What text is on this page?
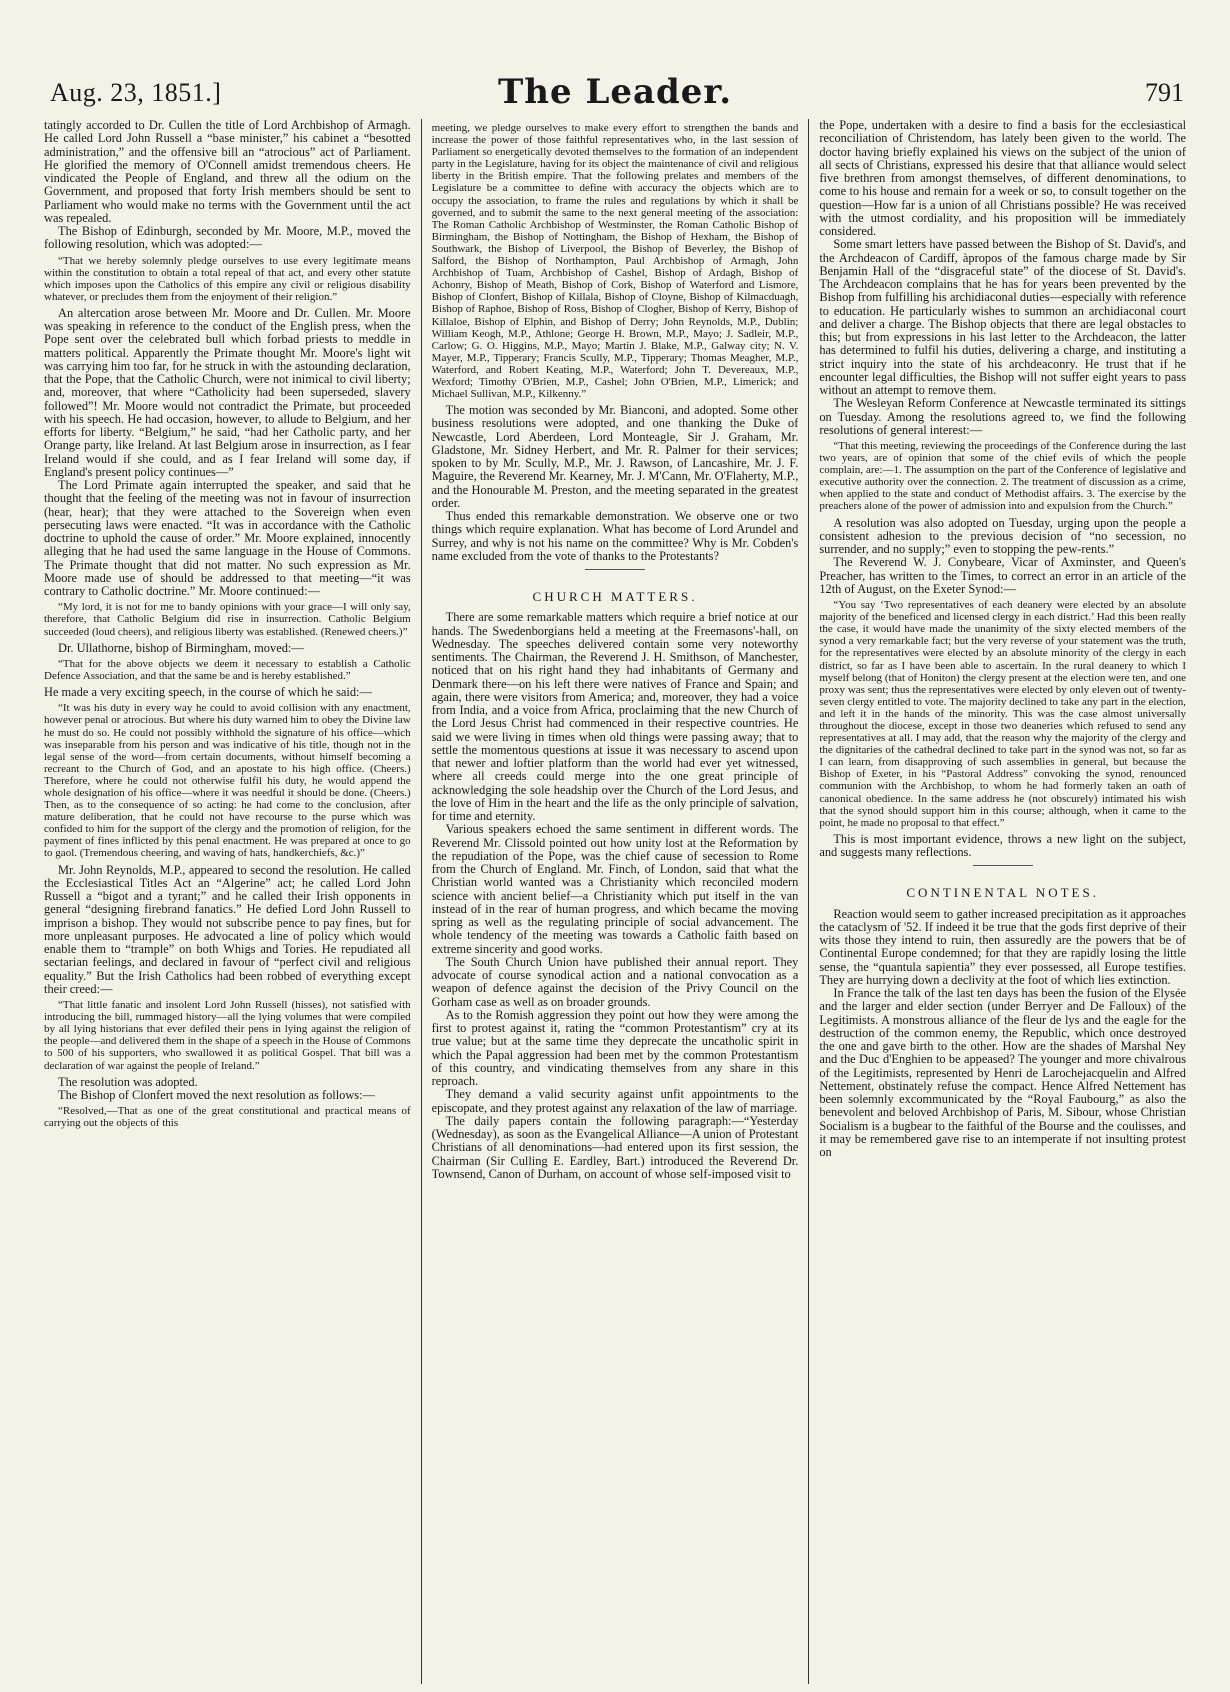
Aug. 23, 1851.]	The Leader.	791

tatingly accorded to Dr. Cullen the title of Lord Archbishop of Armagh. He called Lord John Russell a “base minister,” his cabinet a “besotted administration,” and the offensive bill an “atrocious” act of Parliament. He glorified the memory of O'Connell amidst tremendous cheers. He vindicated the People of England, and threw all the odium on the Government, and proposed that forty Irish members should be sent to Parliament who would make no terms with the Government until the act was repealed.

The Bishop of Edinburgh, seconded by Mr. Moore, M.P., moved the following resolution, which was adopted:—

“That we hereby solemnly pledge ourselves to use every legitimate means within the constitution to obtain a total repeal of that act, and every other statute which imposes upon the Catholics of this empire any civil or religious disability whatever, or precludes them from the enjoyment of their religion.”

An altercation arose between Mr. Moore and Dr. Cullen. Mr. Moore was speaking in reference to the conduct of the English press, when the Pope sent over the celebrated bull which forbad priests to meddle in matters political. Apparently the Primate thought Mr. Moore's light wit was carrying him too far, for he struck in with the astounding declaration, that the Pope, that the Catholic Church, were not inimical to civil liberty; and, moreover, that where “Catholicity had been superseded, slavery followed”! Mr. Moore would not contradict the Primate, but proceeded with his speech. He had occasion, however, to allude to Belgium, and her efforts for liberty. “Belgium,” he said, “had her Catholic party, and her Orange party, like Ireland. At last Belgium arose in insurrection, as I fear Ireland would if she could, and as I fear Ireland will some day, if England's present policy continues—”

The Lord Primate again interrupted the speaker, and said that he thought that the feeling of the meeting was not in favour of insurrection (hear, hear); that they were attached to the Sovereign when even persecuting laws were enacted. “It was in accordance with the Catholic doctrine to uphold the cause of order.” Mr. Moore explained, innocently alleging that he had used the same language in the House of Commons. The Primate thought that did not matter. No such expression as Mr. Moore made use of should be addressed to that meeting—“it was contrary to Catholic doctrine.” Mr. Moore continued:—

“My lord, it is not for me to bandy opinions with your grace—I will only say, therefore, that Catholic Belgium did rise in insurrection. Catholic Belgium succeeded (loud cheers), and religious liberty was established. (Renewed cheers.)”

Dr. Ullathorne, bishop of Birmingham, moved:—

“That for the above objects we deem it necessary to establish a Catholic Defence Association, and that the same be and is hereby established.”

He made a very exciting speech, in the course of which he said:—

“It was his duty in every way he could to avoid collision with any enactment, however penal or atrocious. But where his duty warned him to obey the Divine law he must do so. He could not possibly withhold the signature of his office—which was inseparable from his person and was indicative of his title, though not in the legal sense of the word—from certain documents, without himself becoming a recreant to the Church of God, and an apostate to his high office. (Cheers.) Therefore, where he could not otherwise fulfil his duty, he would append the whole designation of his office—where it was needful it should be done. (Cheers.) Then, as to the consequence of so acting: he had come to the conclusion, after mature deliberation, that he could not have recourse to the purse which was confided to him for the support of the clergy and the promotion of religion, for the payment of fines inflicted by this penal enactment. He was prepared at once to go to gaol. (Tremendous cheering, and waving of hats, handkerchiefs, &c.)”

Mr. John Reynolds, M.P., appeared to second the resolution. He called the Ecclesiastical Titles Act an “Algerine” act; he called Lord John Russell a “bigot and a tyrant;” and he called their Irish opponents in general “designing firebrand fanatics.” He defied Lord John Russell to imprison a bishop. They would not subscribe pence to pay fines, but for more unpleasant purposes. He advocated a line of policy which would enable them to “trample” on both Whigs and Tories. He repudiated all sectarian feelings, and declared in favour of “perfect civil and religious equality.” But the Irish Catholics had been robbed of everything except their creed:—

“That little fanatic and insolent Lord John Russell (hisses), not satisfied with introducing the bill, rummaged history—all the lying volumes that were compiled by all lying historians that ever defiled their pens in lying against the religion of the people—and delivered them in the shape of a speech in the House of Commons to 500 of his supporters, who swallowed it as political Gospel. That bill was a declaration of war against the people of Ireland.”

The resolution was adopted.

The Bishop of Clonfert moved the next resolution as follows:—

“Resolved,—That as one of the great constitutional and practical means of carrying out the objects of this

meeting, we pledge ourselves to make every effort to strengthen the bands and increase the power of those faithful representatives who, in the last session of Parliament so energetically devoted themselves to the formation of an independent party in the Legislature, having for its object the maintenance of civil and religious liberty in the British empire. That the following prelates and members of the Legislature be a committee to define with accuracy the objects which are to occupy the association, to frame the rules and regulations by which it shall be governed, and to submit the same to the next general meeting of the association: The Roman Catholic Archbishop of Westminster, the Roman Catholic Bishop of Birmingham, the Bishop of Nottingham, the Bishop of Hexham, the Bishop of Southwark, the Bishop of Liverpool, the Bishop of Beverley, the Bishop of Salford, the Bishop of Northampton, Paul Archbishop of Armagh, John Archbishop of Tuam, Archbishop of Cashel, Bishop of Ardagh, Bishop of Achonry, Bishop of Meath, Bishop of Cork, Bishop of Waterford and Lismore, Bishop of Clonfert, Bishop of Killala, Bishop of Cloyne, Bishop of Kilmacduagh, Bishop of Raphoe, Bishop of Ross, Bishop of Clogher, Bishop of Kerry, Bishop of Killaloe, Bishop of Elphin, and Bishop of Derry; John Reynolds, M.P., Dublin; William Keogh, M.P., Athlone; George H. Brown, M.P., Mayo; J. Sadleir, M.P., Carlow; G. O. Higgins, M.P., Mayo; Martin J. Blake, M.P., Galway city; N. V. Mayer, M.P., Tipperary; Francis Scully, M.P., Tipperary; Thomas Meagher, M.P., Waterford, and Robert Keating, M.P., Waterford; John T. Devereaux, M.P., Wexford; Timothy O'Brien, M.P., Cashel; John O'Brien, M.P., Limerick; and Michael Sullivan, M.P., Kilkenny.”

The motion was seconded by Mr. Bianconi, and adopted. Some other business resolutions were adopted, and one thanking the Duke of Newcastle, Lord Aberdeen, Lord Monteagle, Sir J. Graham, Mr. Gladstone, Mr. Sidney Herbert, and Mr. R. Palmer for their services; spoken to by Mr. Scully, M.P., Mr. J. Rawson, of Lancashire, Mr. J. F. Maguire, the Reverend Mr. Kearney, Mr. J. M'Cann, Mr. O'Flaherty, M.P., and the Honourable M. Preston, and the meeting separated in the greatest order.

Thus ended this remarkable demonstration. We observe one or two things which require explanation. What has become of Lord Arundel and Surrey, and why is not his name on the committee? Why is Mr. Cobden's name excluded from the vote of thanks to the Protestants?

CHURCH MATTERS.

There are some remarkable matters which require a brief notice at our hands. The Swedenborgians held a meeting at the Freemasons'-hall, on Wednesday. The speeches delivered contain some very noteworthy sentiments. The Chairman, the Reverend J. H. Smithson, of Manchester, noticed that on his right hand they had inhabitants of Germany and Denmark there—on his left there were natives of France and Spain; and again, there were visitors from America; and, moreover, they had a voice from India, and a voice from Africa, proclaiming that the new Church of the Lord Jesus Christ had commenced in their respective countries. He said we were living in times when old things were passing away; that to settle the momentous questions at issue it was necessary to ascend upon that newer and loftier platform than the world had ever yet witnessed, where all creeds could merge into the one great principle of acknowledging the sole headship over the Church of the Lord Jesus, and the love of Him in the heart and the life as the only principle of salvation, for time and eternity.

Various speakers echoed the same sentiment in different words. The Reverend Mr. Clissold pointed out how unity lost at the Reformation by the repudiation of the Pope, was the chief cause of secession to Rome from the Church of England. Mr. Finch, of London, said that what the Christian world wanted was a Christianity which reconciled modern science with ancient belief—a Christianity which put itself in the van instead of in the rear of human progress, and which became the moving spring as well as the regulating principle of social advancement. The whole tendency of the meeting was towards a Catholic faith based on extreme sincerity and good works.

The South Church Union have published their annual report. They advocate of course synodical action and a national convocation as a weapon of defence against the decision of the Privy Council on the Gorham case as well as on broader grounds.

As to the Romish aggression they point out how they were among the first to protest against it, rating the “common Protestantism” cry at its true value; but at the same time they deprecate the uncatholic spirit in which the Papal aggression had been met by the common Protestantism of this country, and vindicating themselves from any share in this reproach.

They demand a valid security against unfit appointments to the episcopate, and they protest against any relaxation of the law of marriage.

The daily papers contain the following paragraph:—“Yesterday (Wednesday), as soon as the Evangelical Alliance—A union of Protestant Christians of all denominations—had entered upon its first session, the Chairman (Sir Culling E. Eardley, Bart.) introduced the Reverend Dr. Townsend, Canon of Durham, on account of whose self-imposed visit to

the Pope, undertaken with a desire to find a basis for the ecclesiastical reconciliation of Christendom, has lately been given to the world. The doctor having briefly explained his views on the subject of the union of all sects of Christians, expressed his desire that that alliance would select five brethren from amongst themselves, of different denominations, to come to his house and remain for a week or so, to consult together on the question—How far is a union of all Christians possible? He was received with the utmost cordiality, and his proposition will be immediately considered.

Some smart letters have passed between the Bishop of St. David's, and the Archdeacon of Cardiff, àpropos of the famous charge made by Sir Benjamin Hall of the “disgraceful state” of the diocese of St. David's. The Archdeacon complains that he has for years been prevented by the Bishop from fulfilling his archidiaconal duties—especially with reference to education. He particularly wishes to summon an archidiaconal court and deliver a charge. The Bishop objects that there are legal obstacles to this; but from expressions in his last letter to the Archdeacon, the latter has determined to fulfil his duties, delivering a charge, and instituting a strict inquiry into the state of his archdeaconry. He trust that if he encounter legal difficulties, the Bishop will not suffer eight years to pass without an attempt to remove them.

The Wesleyan Reform Conference at Newcastle terminated its sittings on Tuesday. Among the resolutions agreed to, we find the following resolutions of general interest:—

“That this meeting, reviewing the proceedings of the Conference during the last two years, are of opinion that some of the chief evils of which the people complain, are:—1. The assumption on the part of the Conference of legislative and executive authority over the connection. 2. The treatment of discussion as a crime, when applied to the state and conduct of Methodist affairs. 3. The exercise by the preachers alone of the power of admission into and expulsion from the Church.”

A resolution was also adopted on Tuesday, urging upon the people a consistent adhesion to the previous decision of “no secession, no surrender, and no supply;” even to stopping the pew-rents.”

The Reverend W. J. Conybeare, Vicar of Axminster, and Queen's Preacher, has written to the Times, to correct an error in an article of the 12th of August, on the Exeter Synod:—

“You say ‘Two representatives of each deanery were elected by an absolute majority of the beneficed and licensed clergy in each district.’ Had this been really the case, it would have made the unanimity of the sixty elected members of the synod a very remarkable fact; but the very reverse of your statement was the truth, for the representatives were elected by an absolute minority of the clergy in each district, so far as I have been able to ascertain. In the rural deanery to which I myself belong (that of Honiton) the clergy present at the election were ten, and one proxy was sent; thus the representatives were elected by only eleven out of twenty-seven clergy entitled to vote. The majority declined to take any part in the election, and left it in the hands of the minority. This was the case almost universally throughout the diocese, except in those two deaneries which refused to send any representatives at all. I may add, that the reason why the majority of the clergy and the dignitaries of the cathedral declined to take part in the synod was not, so far as I can learn, from disapproving of such assemblies in general, but because the Bishop of Exeter, in his “Pastoral Address” convoking the synod, renounced communion with the Archbishop, to whom he had formerly taken an oath of canonical obedience. In the same address he (not obscurely) intimated his wish that the synod should support him in this course; although, when it came to the point, he made no proposal to that effect.”

This is most important evidence, throws a new light on the subject, and suggests many reflections.

CONTINENTAL NOTES.

Reaction would seem to gather increased precipitation as it approaches the cataclysm of '52. If indeed it be true that the gods first deprive of their wits those they intend to ruin, then assuredly are the powers that be of Continental Europe condemned; for that they are rapidly losing the little sense, the “quantula sapientia” they ever possessed, all Europe testifies. They are hurrying down a declivity at the foot of which lies extinction.

In France the talk of the last ten days has been the fusion of the Elysée and the larger and elder section (under Berryer and De Falloux) of the Legitimists. A monstrous alliance of the fleur de lys and the eagle for the destruction of the common enemy, the Republic, which once destroyed the one and gave birth to the other. How are the shades of Marshal Ney and the Duc d'Enghien to be appeased? The younger and more chivalrous of the Legitimists, represented by Henri de Larochejacquelin and Alfred Nettement, obstinately refuse the compact. Hence Alfred Nettement has been solemnly excommunicated by the “Royal Faubourg,” as also the benevolent and beloved Archbishop of Paris, M. Sibour, whose Christian Socialism is a bugbear to the faithful of the Bourse and the coulisses, and it may be remembered gave rise to an intemperate if not insulting protest on
